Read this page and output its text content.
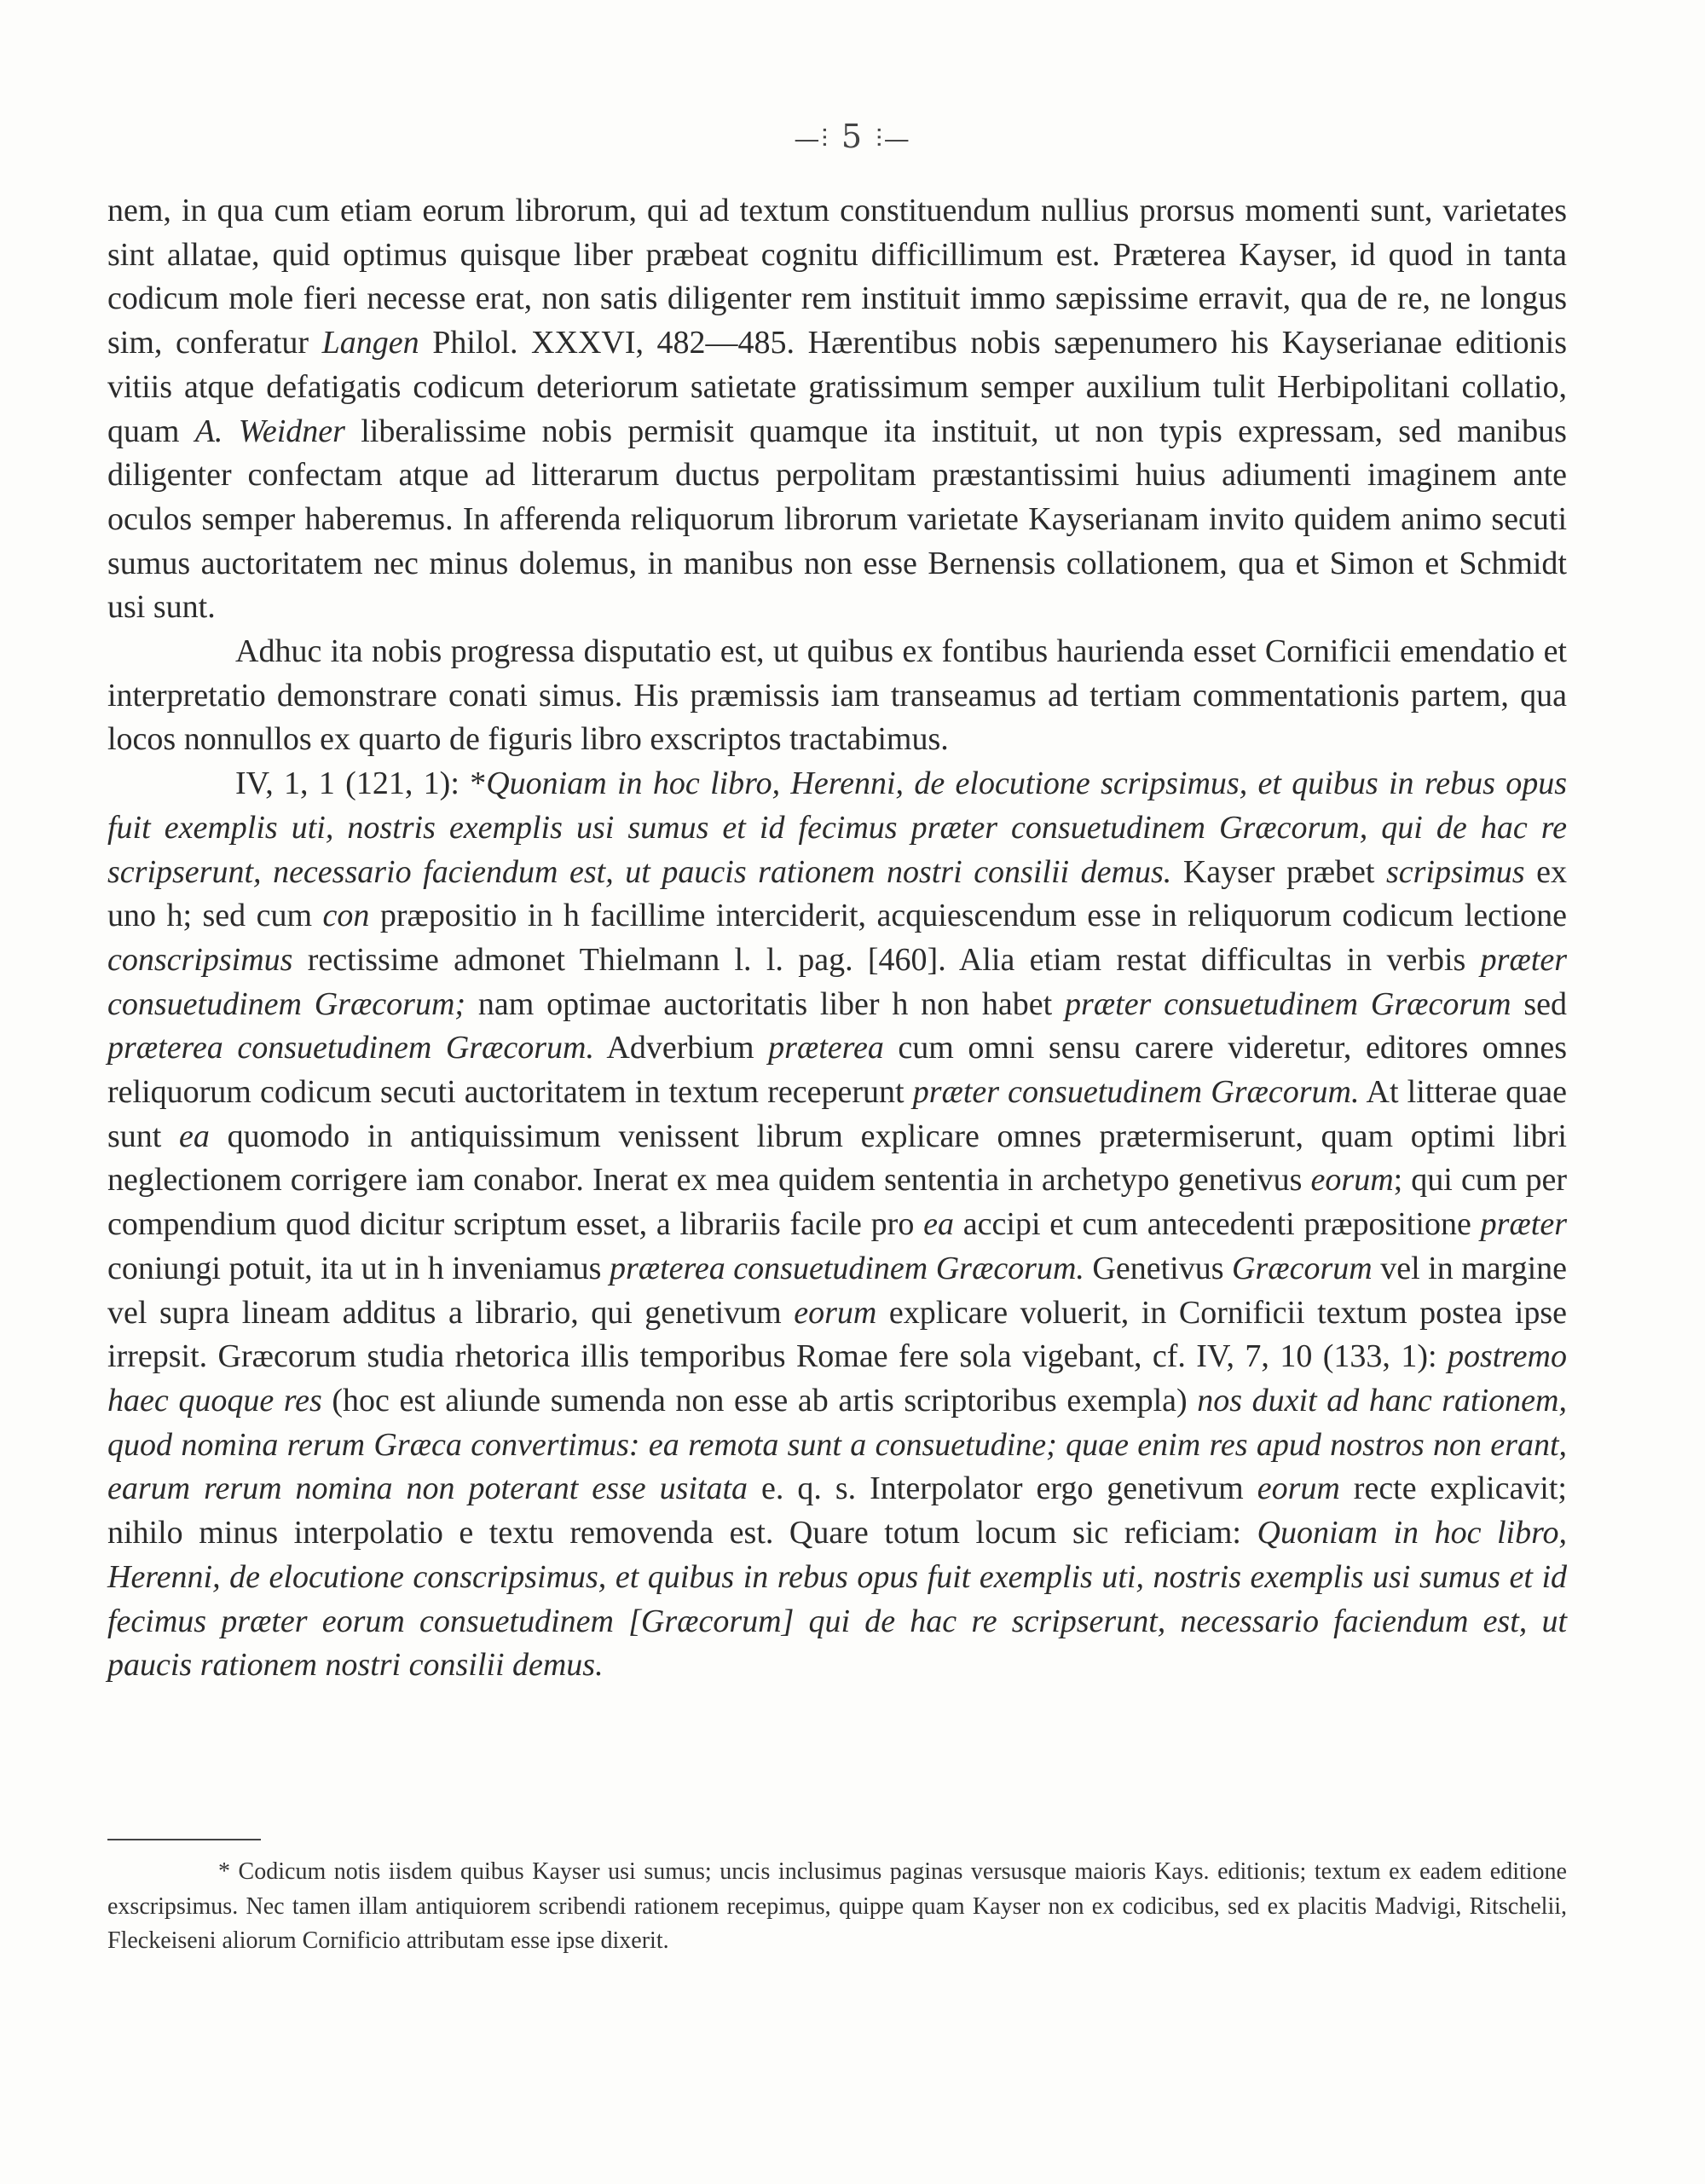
—⫶ 5 ⫶—

nem, in qua cum etiam eorum librorum, qui ad textum constituendum nullius prorsus momenti sunt, varietates sint allatae, quid optimus quisque liber præbeat cognitu difficillimum est. Præterea Kayser, id quod in tanta codicum mole fieri necesse erat, non satis diligenter rem instituit immo sæpissime erravit, qua de re, ne longus sim, conferatur Langen Philol. XXXVI, 482—485. Hærentibus nobis sæpenumero his Kayserianae editionis vitiis atque defatigatis codicum deteriorum satietate gratissimum semper auxilium tulit Herbipolitani collatio, quam A. Weidner liberalissime nobis permisit quamque ita instituit, ut non typis expressam, sed manibus diligenter confectam atque ad litterarum ductus perpolitam præstantissimi huius adiumenti imaginem ante oculos semper haberemus. In afferenda reliquorum librorum varietate Kayserianam invito quidem animo secuti sumus auctoritatem nec minus dolemus, in manibus non esse Bernensis collationem, qua et Simon et Schmidt usi sunt.

Adhuc ita nobis progressa disputatio est, ut quibus ex fontibus haurienda esset Cornificii emendatio et interpretatio demonstrare conati simus. His præmissis iam transeamus ad tertiam commentationis partem, qua locos nonnullos ex quarto de figuris libro exscriptos tractabimus.

IV, 1, 1 (121, 1): *Quoniam in hoc libro, Herenni, de elocutione scripsimus, et quibus in rebus opus fuit exemplis uti, nostris exemplis usi sumus et id fecimus præter consuetudinem Græcorum, qui de hac re scripserunt, necessario faciendum est, ut paucis rationem nostri consilii demus. Kayser præbet scripsimus ex uno h; sed cum con præpositio in h facillime interciderit, acquiescendum esse in reliquorum codicum lectione conscripsimus rectissime admonet Thielmann l. l. pag. [460]. Alia etiam restat difficultas in verbis præter consuetudinem Græcorum; nam optimae auctoritatis liber h non habet præter consuetudinem Græcorum sed præterea consuetudinem Græcorum. Adverbium præterea cum omni sensu carere videretur, editores omnes reliquorum codicum secuti auctoritatem in textum receperunt præter consuetudinem Græcorum. At litterae quae sunt ea quomodo in antiquissimum venissent librum explicare omnes prætermiserunt, quam optimi libri neglectionem corrigere iam conabor. Inerat ex mea quidem sententia in archetypo genetivus eorum; qui cum per compendium quod dicitur scriptum esset, a librariis facile pro ea accipi et cum antecedenti præpositione præter coniungi potuit, ita ut in h inveniamus præterea consuetudinem Græcorum. Genetivus Græcorum vel in margine vel supra lineam additus a librario, qui genetivum eorum explicare voluerit, in Cornificii textum postea ipse irrepsit. Græcorum studia rhetorica illis temporibus Romae fere sola vigebant, cf. IV, 7, 10 (133, 1): postremo haec quoque res (hoc est aliunde sumenda non esse ab artis scriptoribus exempla) nos duxit ad hanc rationem, quod nomina rerum Græca convertimus: ea remota sunt a consuetudine; quae enim res apud nostros non erant, earum rerum nomina non poterant esse usitata e. q. s. Interpolator ergo genetivum eorum recte explicavit; nihilo minus interpolatio e textu removenda est. Quare totum locum sic reficiam: Quoniam in hoc libro, Herenni, de elocutione conscripsimus, et quibus in rebus opus fuit exemplis uti, nostris exemplis usi sumus et id fecimus præter eorum consuetudinem [Græcorum] qui de hac re scripserunt, necessario faciendum est, ut paucis rationem nostri consilii demus.

* Codicum notis iisdem quibus Kayser usi sumus; uncis inclusimus paginas versusque maioris Kays. editionis; textum ex eadem editione exscripsimus. Nec tamen illam antiquiorem scribendi rationem recepimus, quippe quam Kayser non ex codicibus, sed ex placitis Madvigi, Ritschelii, Fleckeiseni aliorum Cornificio attributam esse ipse dixerit.
